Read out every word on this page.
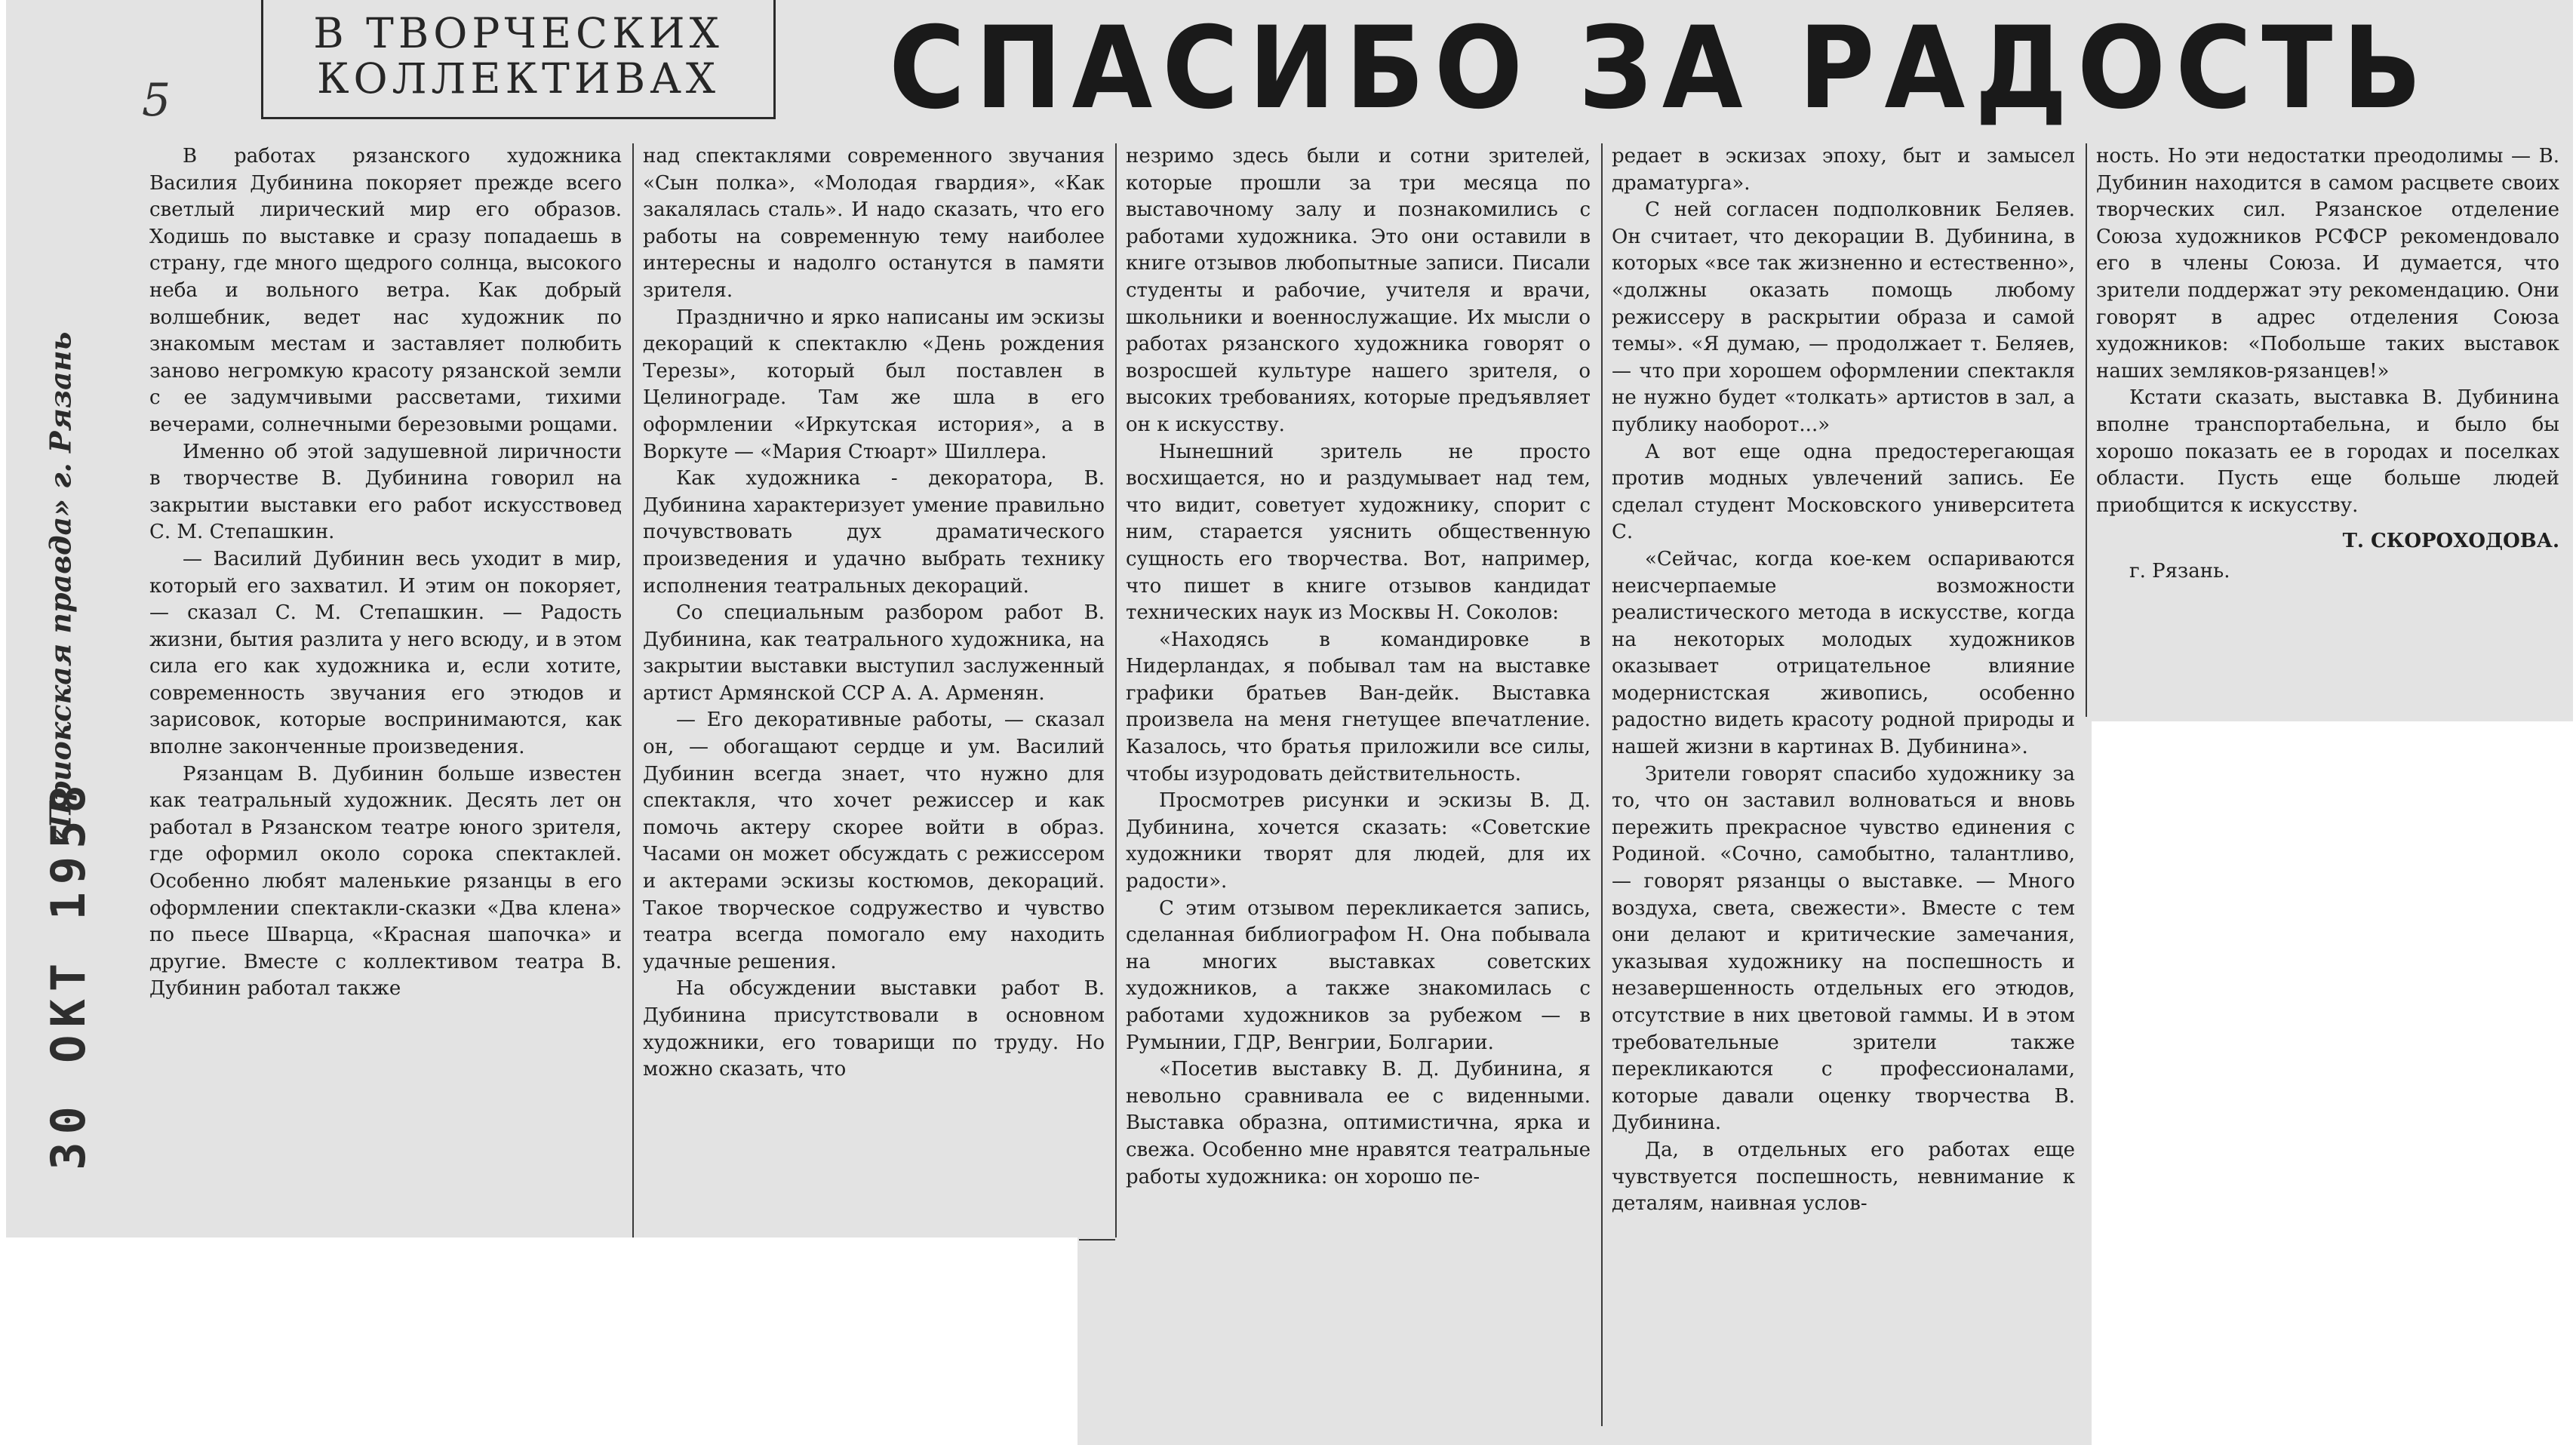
В ТВОРЧЕСКИХ
КОЛЛЕКТИВАХ	СПАСИБО ЗА РАДОСТЬ
5
«Приокская правда» г. Рязань
30 ОКТ 1958

В работах рязанского художника Василия Дубинина покоряет прежде всего светлый лирический мир его образов. Ходишь по выставке и сразу попадаешь в страну, где много щедрого солнца, высокого неба и вольного ветра. Как добрый волшебник, ведет нас художник по знакомым местам и заставляет полюбить заново негромкую красоту рязанской земли с ее задумчивыми рассветами, тихими вечерами, солнечными березовыми рощами.

Именно об этой задушевной лиричности в творчестве В. Дубинина говорил на закрытии выставки его работ искусствовед С. М. Степашкин.

— Василий Дубинин весь уходит в мир, который его захватил. И этим он покоряет, — сказал С. М. Степашкин. — Радость жизни, бытия разлита у него всюду, и в этом сила его как художника и, если хотите, современность звучания его этюдов и зарисовок, которые воспринимаются, как вполне законченные произведения.

Рязанцам В. Дубинин больше известен как театральный художник. Десять лет он работал в Рязанском театре юного зрителя, где оформил около сорока спектаклей. Особенно любят маленькие рязанцы в его оформлении спектакли-сказки «Два клена» по пьесе Шварца, «Красная шапочка» и другие. Вместе с коллективом театра В. Дубинин работал также

над спектаклями современного звучания «Сын полка», «Молодая гвардия», «Как закалялась сталь». И надо сказать, что его работы на современную тему наиболее интересны и надолго останутся в памяти зрителя.

Празднично и ярко написаны им эскизы декораций к спектаклю «День рождения Терезы», который был поставлен в Целинограде. Там же шла в его оформлении «Иркутская история», а в Воркуте — «Мария Стюарт» Шиллера.

Как художника - декоратора, В. Дубинина характеризует умение правильно почувствовать дух драматического произведения и удачно выбрать технику исполнения театральных декораций.

Со специальным разбором работ В. Дубинина, как театрального художника, на закрытии выставки выступил заслуженный артист Армянской ССР А. А. Арменян.

— Его декоративные работы, — сказал он, — обогащают сердце и ум. Василий Дубинин всегда знает, что нужно для спектакля, что хочет режиссер и как помочь актеру скорее войти в образ. Часами он может обсуждать с режиссером и актерами эскизы костюмов, декораций. Такое творческое содружество и чувство театра всегда помогало ему находить удачные решения.

На обсуждении выставки работ В. Дубинина присутствовали в основном художники, его товарищи по труду. Но можно сказать, что

незримо здесь были и сотни зрителей, которые прошли за три месяца по выставочному залу и познакомились с работами художника. Это они оставили в книге отзывов любопытные записи. Писали студенты и рабочие, учителя и врачи, школьники и военнослужащие. Их мысли о работах рязанского художника говорят о возросшей культуре нашего зрителя, о высоких требованиях, которые предъявляет он к искусству.

Нынешний зритель не просто восхищается, но и раздумывает над тем, что видит, советует художнику, спорит с ним, старается уяснить общественную сущность его творчества. Вот, например, что пишет в книге отзывов кандидат технических наук из Москвы Н. Соколов:

«Находясь в командировке в Нидерландах, я побывал там на выставке графики братьев Ван-дейк. Выставка произвела на меня гнетущее впечатление. Казалось, что братья приложили все силы, чтобы изуродовать действительность.

Просмотрев рисунки и эскизы В. Д. Дубинина, хочется сказать: «Советские художники творят для людей, для их радости».

С этим отзывом перекликается запись, сделанная библиографом Н. Она побывала на многих выставках советских художников, а также знакомилась с работами художников за рубежом — в Румынии, ГДР, Венгрии, Болгарии.

«Посетив выставку В. Д. Дубинина, я невольно сравнивала ее с виденными. Выставка образна, оптимистична, ярка и свежа. Особенно мне нравятся театральные работы художника: он хорошо пе-

редает в эскизах эпоху, быт и замысел драматурга».

С ней согласен подполковник Беляев. Он считает, что декорации В. Дубинина, в которых «все так жизненно и естественно», «должны оказать помощь любому режиссеру в раскрытии образа и самой темы». «Я думаю, — продолжает т. Беляев, — что при хорошем оформлении спектакля не нужно будет «толкать» артистов в зал, а публику наоборот...»

А вот еще одна предостерегающая против модных увлечений запись. Ее сделал студент Московского университета С.

«Сейчас, когда кое-кем оспариваются неисчерпаемые возможности реалистического метода в искусстве, когда на некоторых молодых художников оказывает отрицательное влияние модернистская живопись, особенно радостно видеть красоту родной природы и нашей жизни в картинах В. Дубинина».

Зрители говорят спасибо художнику за то, что он заставил волноваться и вновь пережить прекрасное чувство единения с Родиной. «Сочно, самобытно, талантливо, — говорят рязанцы о выставке. — Много воздуха, света, свежести». Вместе с тем они делают и критические замечания, указывая художнику на поспешность и незавершенность отдельных его этюдов, отсутствие в них цветовой гаммы. И в этом требовательные зрители также перекликаются с профессионалами, которые давали оценку творчества В. Дубинина.

Да, в отдельных его работах еще чувствуется поспешность, невнимание к деталям, наивная услов-

ность. Но эти недостатки преодолимы — В. Дубинин находится в самом расцвете своих творческих сил. Рязанское отделение Союза художников РСФСР рекомендовало его в члены Союза. И думается, что зрители поддержат эту рекомендацию. Они говорят в адрес отделения Союза художников: «Побольше таких выставок наших земляков-рязанцев!»

Кстати сказать, выставка В. Дубинина вполне транспортабельна, и было бы хорошо показать ее в городах и поселках области. Пусть еще больше людей приобщится к искусству.

Т. СКОРОХОДОВА.

г. Рязань.
